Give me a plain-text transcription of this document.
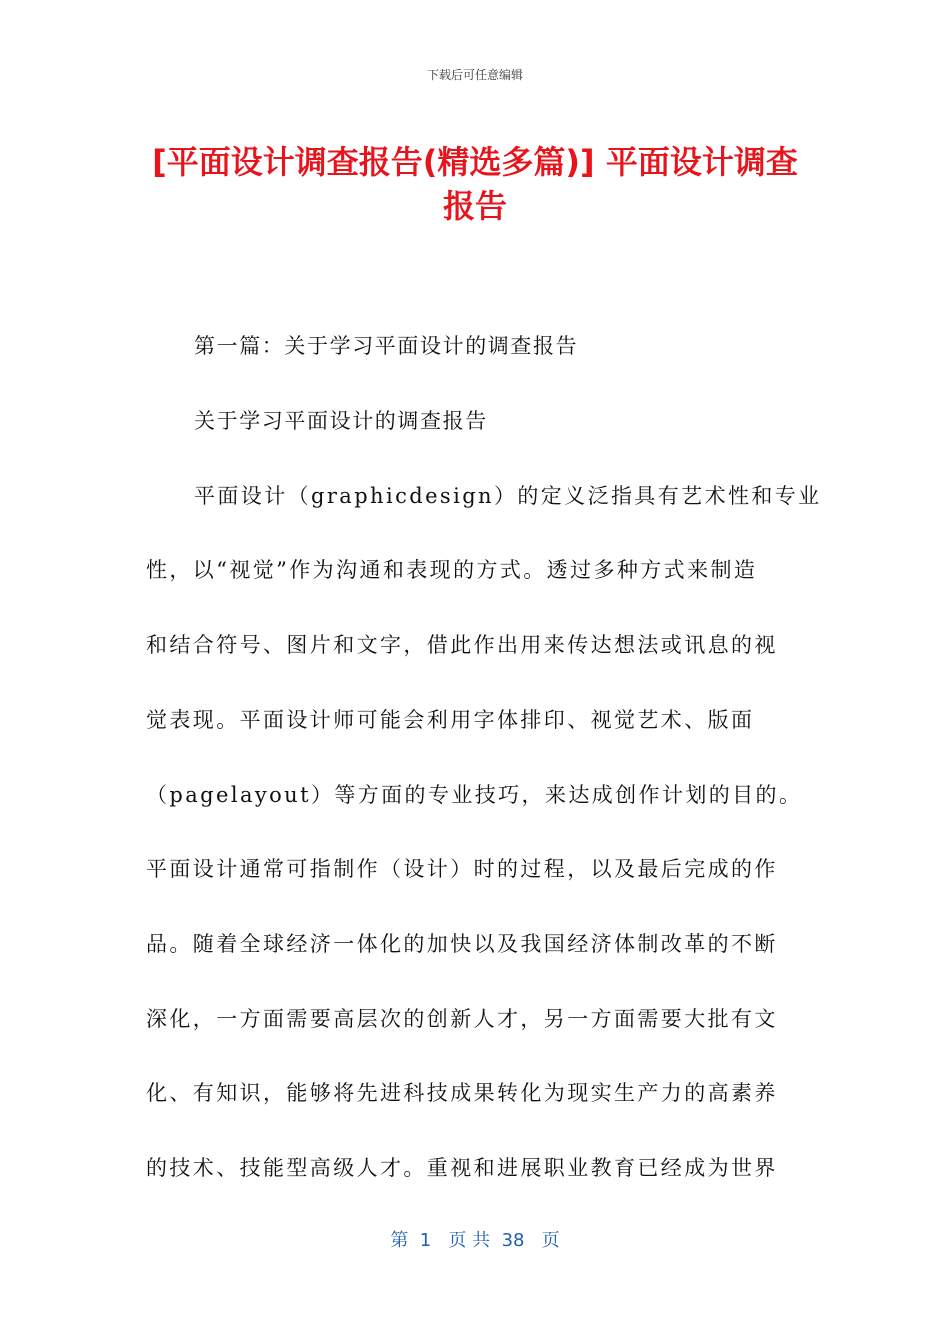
下载后可任意编辑
[平面设计调查报告(精选多篇)] 平面设计调查报告

第一篇：关于学习平面设计的调查报告

关于学习平面设计的调查报告

平面设计（graphicdesign）的定义泛指具有艺术性和专业

性，以“视觉”作为沟通和表现的方式。透过多种方式来制造

和结合符号、图片和文字，借此作出用来传达想法或讯息的视

觉表现。平面设计师可能会利用字体排印、视觉艺术、版面

（pagelayout）等方面的专业技巧，来达成创作计划的目的。

平面设计通常可指制作（设计）时的过程，以及最后完成的作

品。随着全球经济一体化的加快以及我国经济体制改革的不断

深化，一方面需要高层次的创新人才，另一方面需要大批有文

化、有知识，能够将先进科技成果转化为现实生产力的高素养

的技术、技能型高级人才。重视和进展职业教育已经成为世界

第  1   页 共  38   页
